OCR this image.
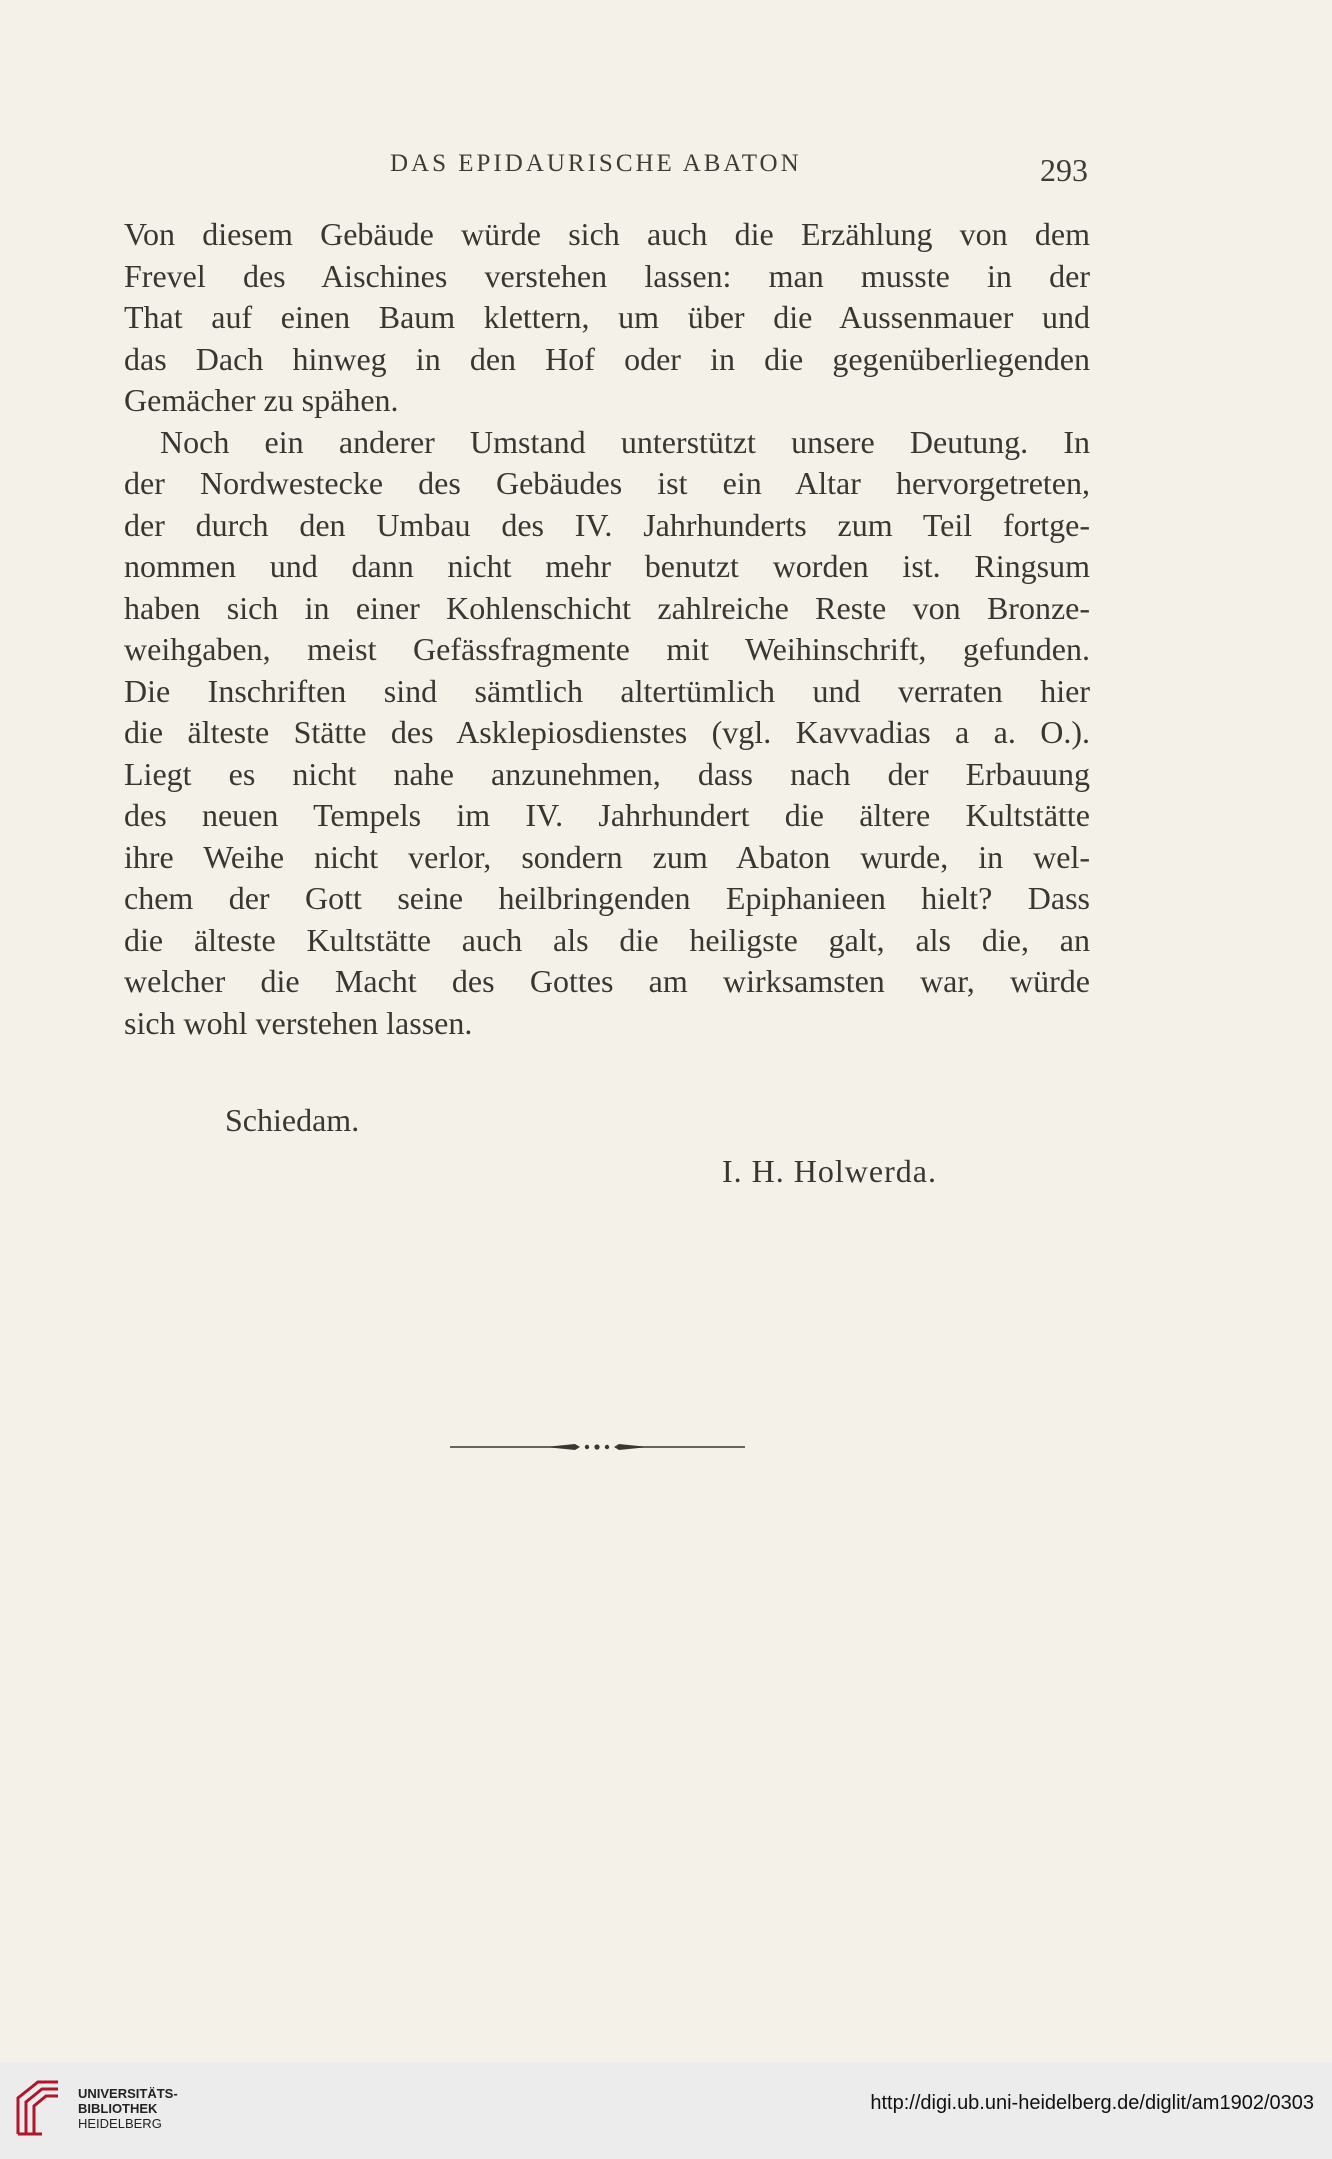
DAS EPIDAURISCHE ABATON	293
Von diesem Gebäude würde sich auch die Erzählung von dem
Frevel des Aischines verstehen lassen: man musste in der
That auf einen Baum klettern, um über die Aussenmauer und
das Dach hinweg in den Hof oder in die gegenüberliegenden
Gemächer zu spähen.
Noch ein anderer Umstand unterstützt unsere Deutung. In
der Nordwestecke des Gebäudes ist ein Altar hervorgetreten,
der durch den Umbau des IV. Jahrhunderts zum Teil fortge-
nommen und dann nicht mehr benutzt worden ist. Ringsum
haben sich in einer Kohlenschicht zahlreiche Reste von Bronze-
weihgaben, meist Gefässfragmente mit Weihinschrift, gefunden.
Die Inschriften sind sämtlich altertümlich und verraten hier
die älteste Stätte des Asklepiosdienstes (vgl. Kavvadias a a. O.).
Liegt es nicht nahe anzunehmen, dass nach der Erbauung
des neuen Tempels im IV. Jahrhundert die ältere Kultstätte
ihre Weihe nicht verlor, sondern zum Abaton wurde, in wel-
chem der Gott seine heilbringenden Epiphanieen hielt? Dass
die älteste Kultstätte auch als die heiligste galt, als die, an
welcher die Macht des Gottes am wirksamsten war, würde
sich wohl verstehen lassen.
Schiedam.
I. H. Holwerda.
UNIVERSITÄTS-
BIBLIOTHEK
HEIDELBERG
http://digi.ub.uni-heidelberg.de/diglit/am1902/0303
